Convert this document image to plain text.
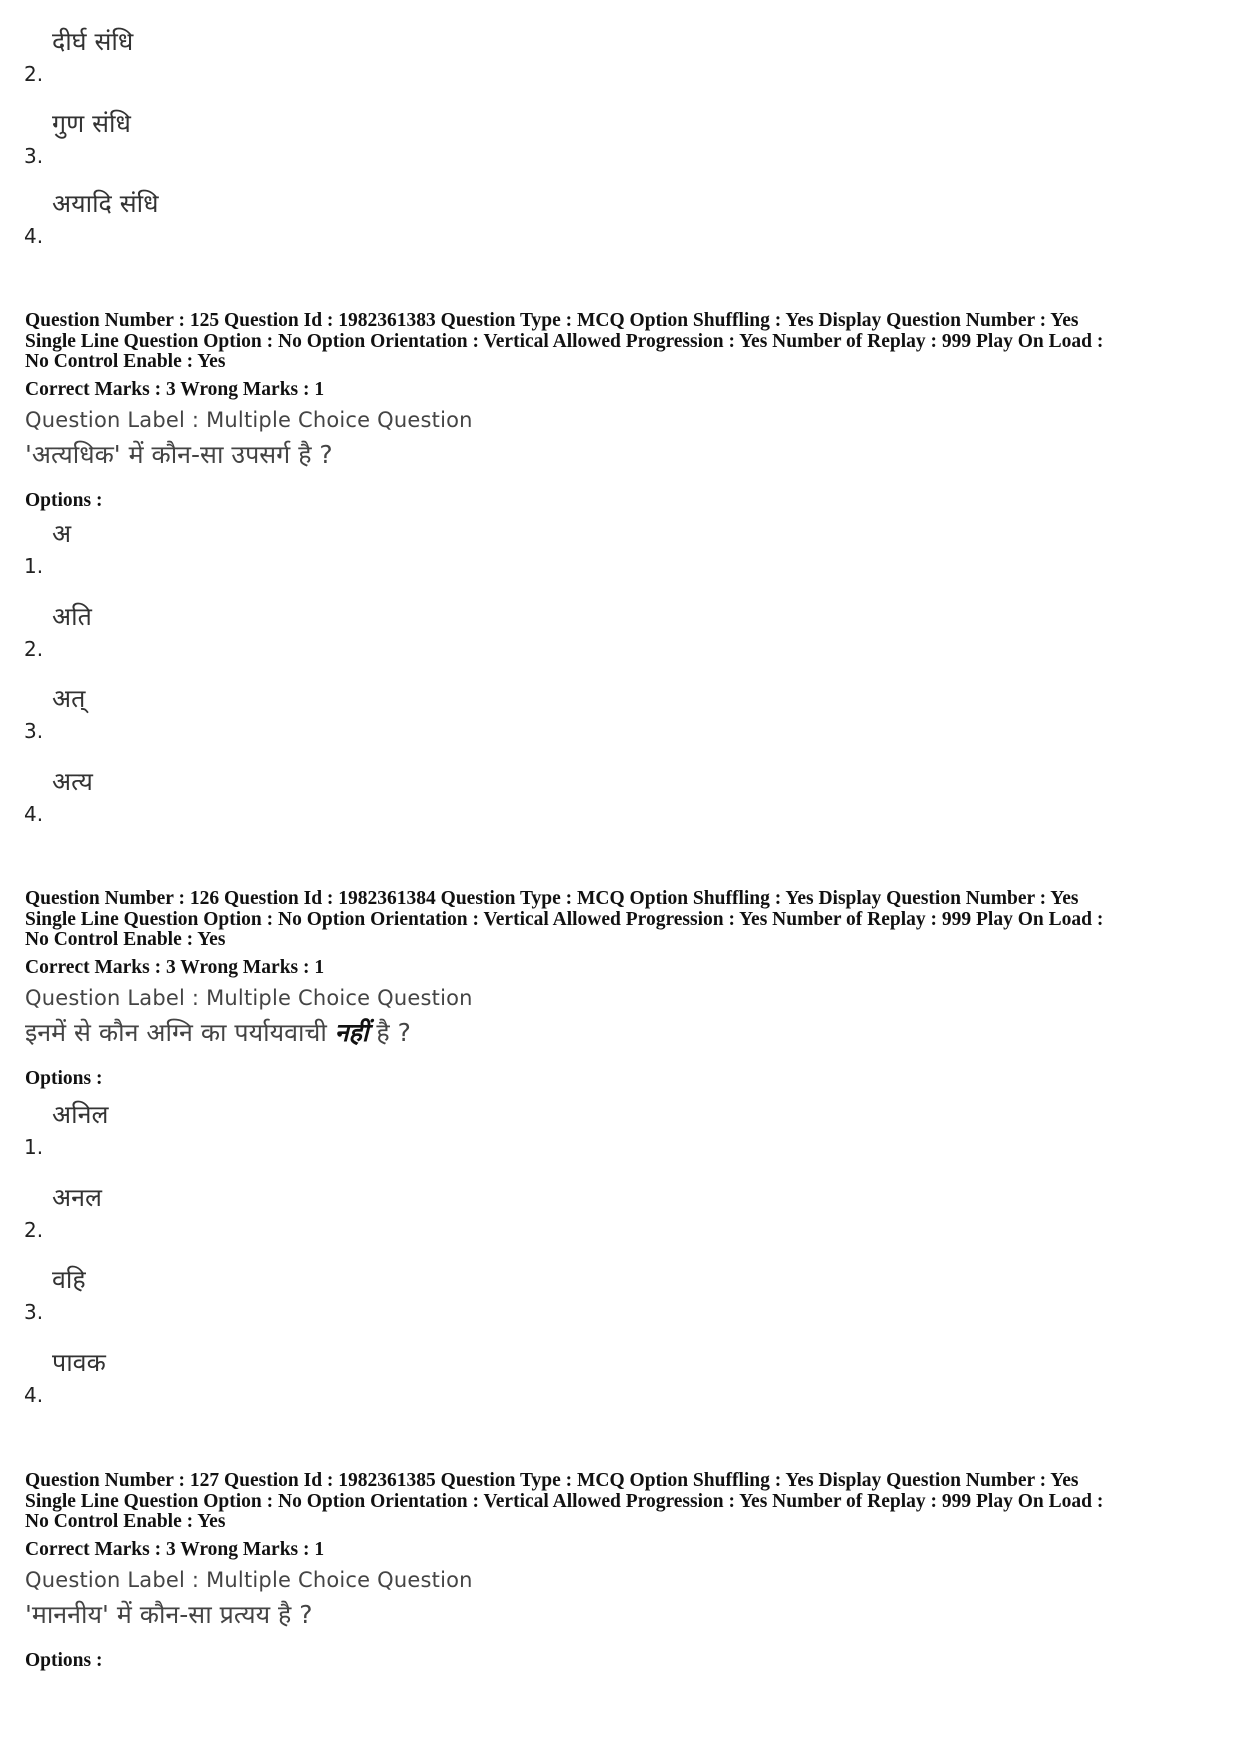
2.
दीर्घ संधि
3.
गुण संधि
4.
अयादि संधि
Question Number : 125 Question Id : 1982361383 Question Type : MCQ Option Shuffling : Yes Display Question Number : Yes
Single Line Question Option : No Option Orientation : Vertical Allowed Progression : Yes Number of Replay : 999 Play On Load :
No Control Enable : Yes
Correct Marks : 3 Wrong Marks : 1
Question Label : Multiple Choice Question
'अत्यधिक' में कौन-सा उपसर्ग है ?
Options :
1.
अ
2.
अति
3.
अत्
4.
अत्य
Question Number : 126 Question Id : 1982361384 Question Type : MCQ Option Shuffling : Yes Display Question Number : Yes
Single Line Question Option : No Option Orientation : Vertical Allowed Progression : Yes Number of Replay : 999 Play On Load :
No Control Enable : Yes
Correct Marks : 3 Wrong Marks : 1
Question Label : Multiple Choice Question
इनमें से कौन अग्नि का पर्यायवाची नहीं है ?
Options :
1.
अनिल
2.
अनल
3.
वहि
4.
पावक
Question Number : 127 Question Id : 1982361385 Question Type : MCQ Option Shuffling : Yes Display Question Number : Yes
Single Line Question Option : No Option Orientation : Vertical Allowed Progression : Yes Number of Replay : 999 Play On Load :
No Control Enable : Yes
Correct Marks : 3 Wrong Marks : 1
Question Label : Multiple Choice Question
'माननीय' में कौन-सा प्रत्यय है ?
Options :
